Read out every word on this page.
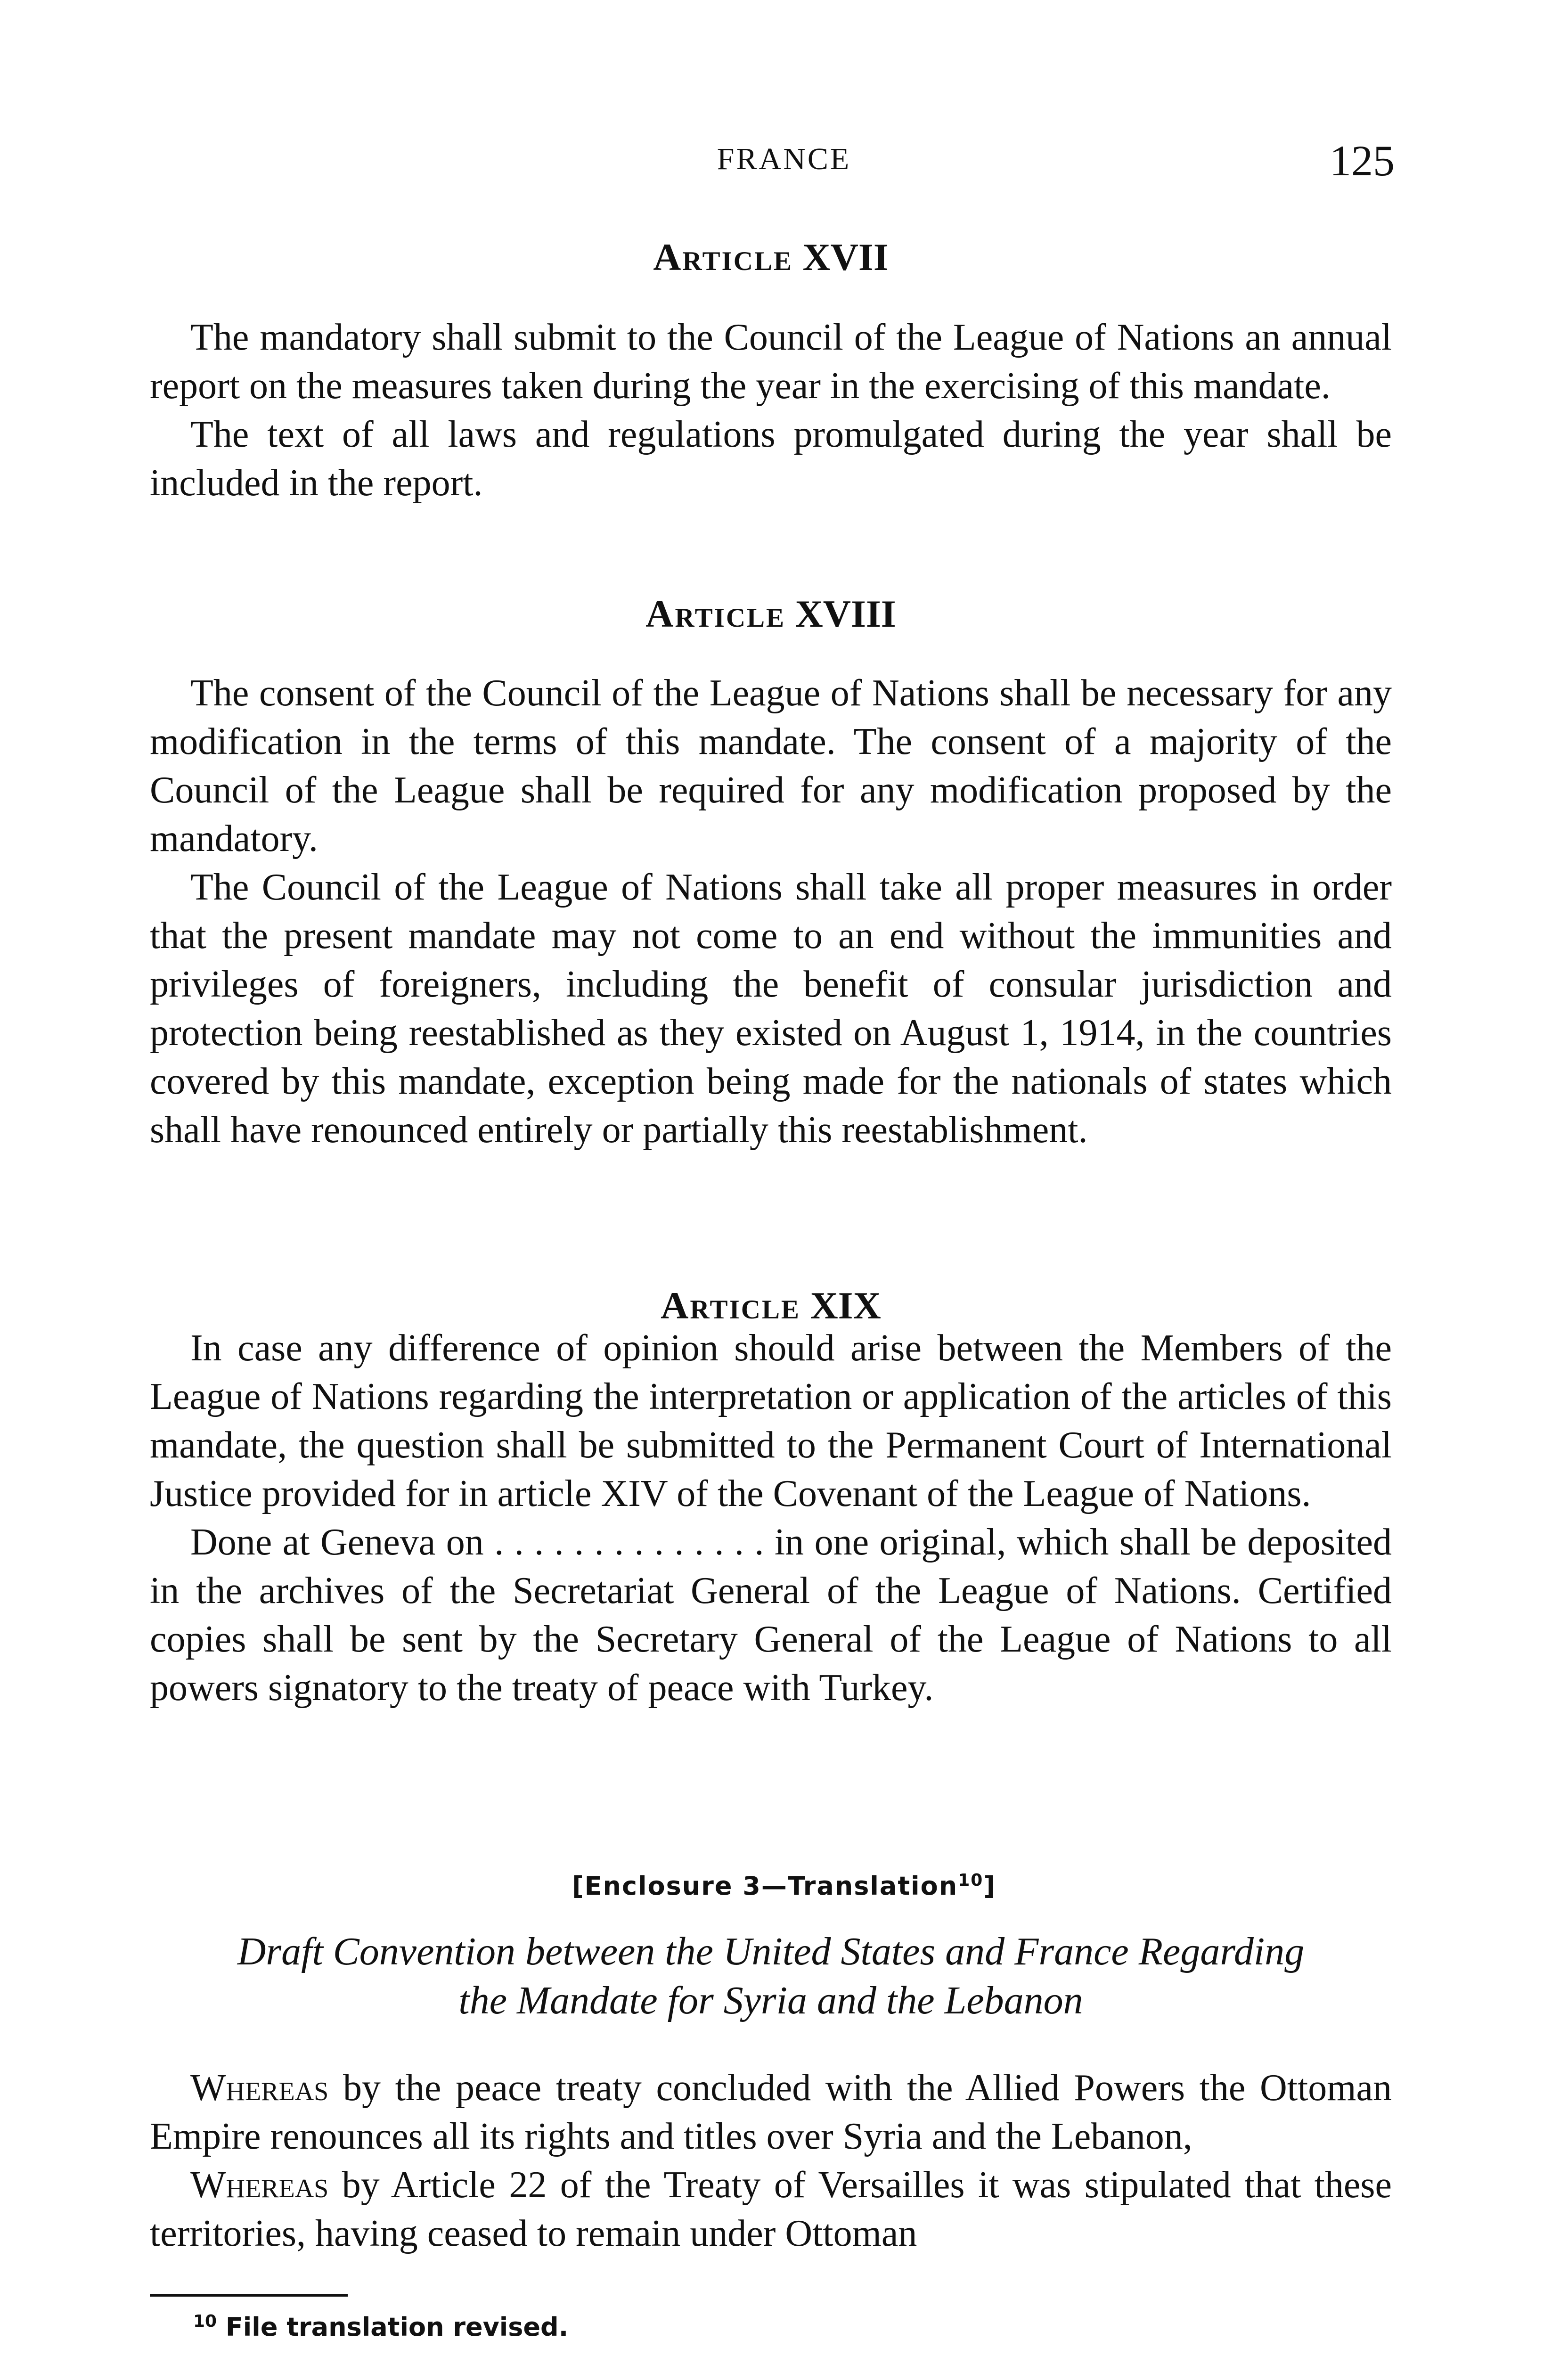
FRANCE	125
Article XVII

The mandatory shall submit to the Council of the League of Nations an annual report on the measures taken during the year in the exercising of this mandate.

The text of all laws and regulations promulgated during the year shall be included in the report.

Article XVIII

The consent of the Council of the League of Nations shall be necessary for any modification in the terms of this mandate. The consent of a majority of the Council of the League shall be required for any modification proposed by the mandatory.

The Council of the League of Nations shall take all proper measures in order that the present mandate may not come to an end without the immunities and privileges of foreigners, including the benefit of consular jurisdiction and protection being reestablished as they existed on August 1, 1914, in the countries covered by this mandate, exception being made for the nationals of states which shall have renounced entirely or partially this reestablishment.

Article XIX

In case any difference of opinion should arise between the Members of the League of Nations regarding the interpretation or application of the articles of this mandate, the question shall be submitted to the Permanent Court of International Justice provided for in article XIV of the Covenant of the League of Nations.

Done at Geneva on . . . . . . . . . . . . . . in one original, which shall be deposited in the archives of the Secretariat General of the League of Nations. Certified copies shall be sent by the Secretary General of the League of Nations to all powers signatory to the treaty of peace with Turkey.

[Enclosure 3—Translation$^{10}$]
Draft Convention between the United States and France Regarding
the Mandate for Syria and the Lebanon

Whereas by the peace treaty concluded with the Allied Powers the Ottoman Empire renounces all its rights and titles over Syria and the Lebanon,

Whereas by Article 22 of the Treaty of Versailles it was stipulated that these territories, having ceased to remain under Ottoman

$^{10}$ File translation revised.
